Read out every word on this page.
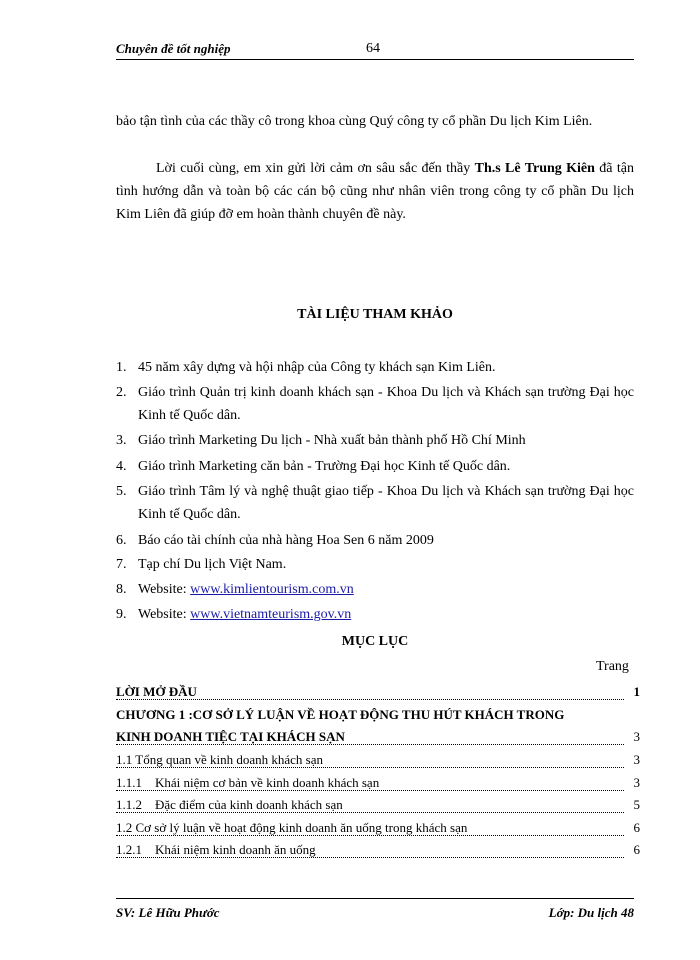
Chuyên đề tốt nghiệp	64
bảo tận tình của các thầy cô trong khoa cùng Quý công ty cổ phần Du lịch Kim Liên.
Lời cuối cùng, em xin gửi lời cảm ơn sâu sắc đến thầy Th.s Lê Trung Kiên đã tận tình hướng dẫn và toàn bộ các cán bộ cũng như nhân viên trong công ty cổ phần Du lịch Kim Liên đã giúp đỡ em hoàn thành chuyên đề này.
TÀI LIỆU THAM KHẢO
1. 45 năm xây dựng và hội nhập của Công ty khách sạn Kim Liên.
2. Giáo trình Quản trị kinh doanh khách sạn - Khoa Du lịch và Khách sạn trường Đại học Kinh tế Quốc dân.
3. Giáo trình Marketing Du lịch - Nhà xuất bản thành phố Hồ Chí Minh
4. Giáo trình Marketing căn bản - Trường Đại học Kinh tế Quốc dân.
5. Giáo trình Tâm lý và nghệ thuật giao tiếp - Khoa Du lịch và Khách sạn trường Đại học Kinh tế Quốc dân.
6. Báo cáo tài chính của nhà hàng Hoa Sen 6 năm 2009
7. Tạp chí Du lịch Việt Nam.
8. Website: www.kimlientourism.com.vn
9. Website: www.vietnamteurism.gov.vn
MỤC LỤC
Trang
LỜI MỞ ĐẦU	1
CHƯƠNG 1 :CƠ SỞ LÝ LUẬN VỀ HOẠT ĐỘNG THU HÚT KHÁCH TRONG
KINH DOANH TIỆC TẠI KHÁCH SẠN	3
1.1 Tổng quan về kinh doanh khách sạn	3
1.1.1    Khái niệm cơ bản về kinh doanh khách sạn	3
1.1.2    Đặc điểm của kinh doanh khách sạn	5
1.2 Cơ sở lý luận về hoạt động kinh doanh ăn uống trong khách sạn	6
1.2.1    Khái niệm kinh doanh ăn uống	6
SV: Lê Hữu Phước	Lớp: Du lịch 48
